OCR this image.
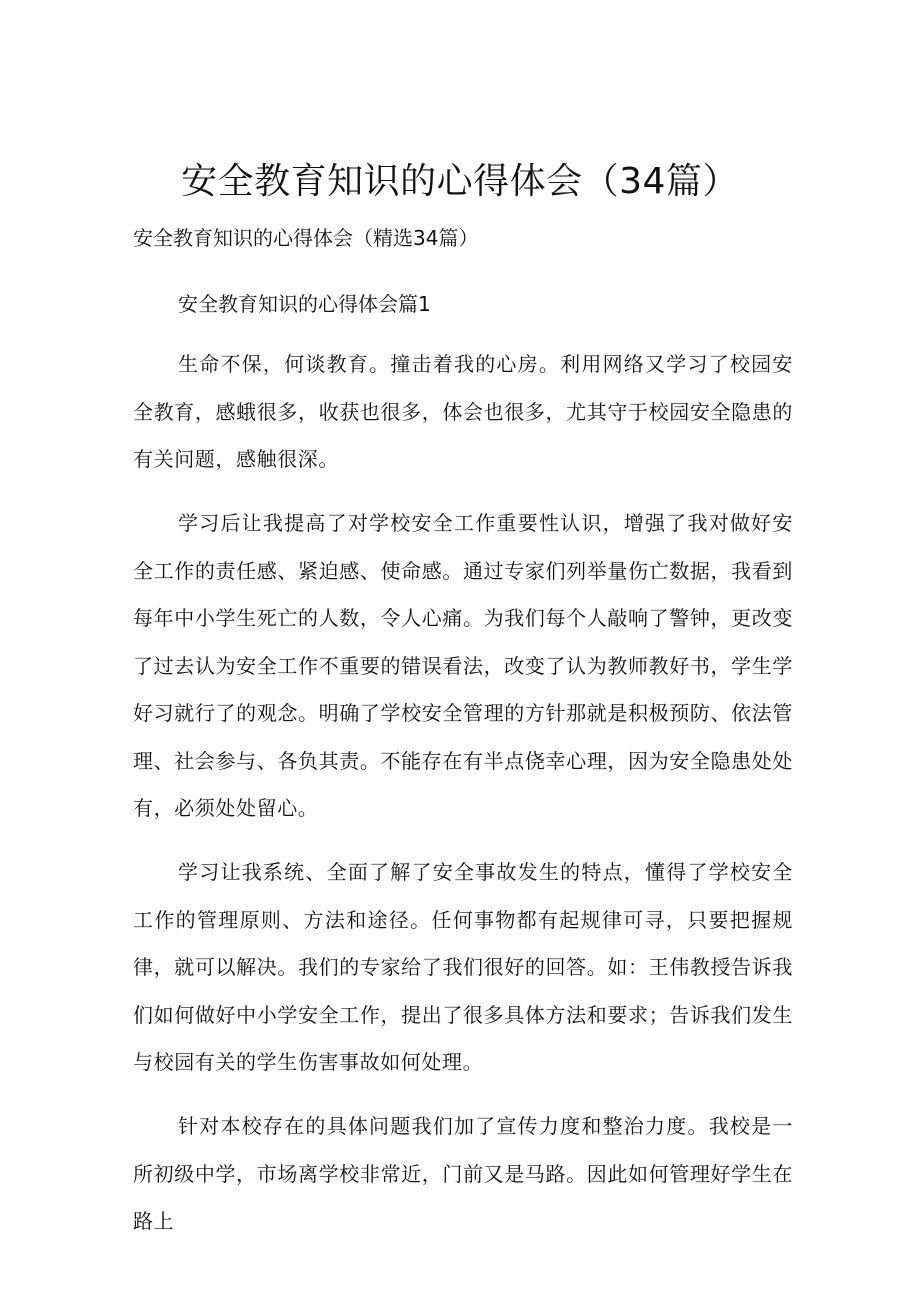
安全教育知识的心得体会（34篇）

安全教育知识的心得体会（精选34篇）

安全教育知识的心得体会篇1

生命不保，何谈教育。撞击着我的心房。利用网络又学习了校园安全教育，感蛾很多，收获也很多，体会也很多，尤其守于校园安全隐患的有关问题，感触很深。

学习后让我提高了对学校安全工作重要性认识，增强了我对做好安全工作的责任感、紧迫感、使命感。通过专家们列举量伤亡数据，我看到每年中小学生死亡的人数，令人心痛。为我们每个人敲响了警钟，更改变了过去认为安全工作不重要的错误看法，改变了认为教师教好书，学生学好习就行了的观念。明确了学校安全管理的方针那就是积极预防、依法管理、社会参与、各负其责。不能存在有半点侥幸心理，因为安全隐患处处有，必须处处留心。

学习让我系统、全面了解了安全事故发生的特点，懂得了学校安全工作的管理原则、方法和途径。任何事物都有起规律可寻，只要把握规律，就可以解决。我们的专家给了我们很好的回答。如：王伟教授告诉我们如何做好中小学安全工作，提出了很多具体方法和要求；告诉我们发生与校园有关的学生伤害事故如何处理。

针对本校存在的具体问题我们加了宣传力度和整治力度。我校是一所初级中学，市场离学校非常近，门前又是马路。因此如何管理好学生在路上
